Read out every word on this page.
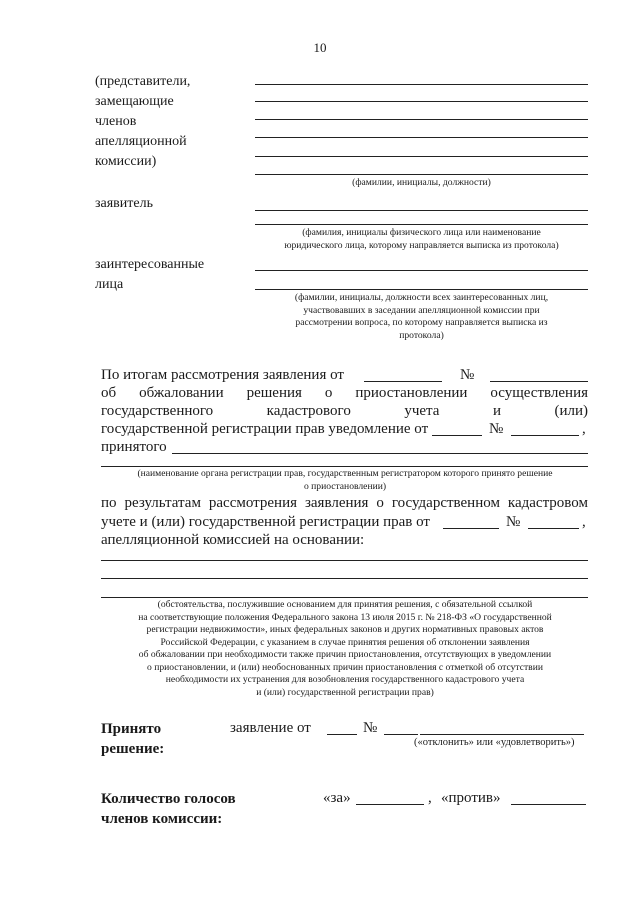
10
(представители,
замещающие
членов
апелляционной
комиссии)
(фамилии, инициалы, должности)
заявитель
(фамилия, инициалы физического лица или наименование
юридического лица, которому направляется выписка из протокола)
заинтересованные
лица
(фамилии, инициалы, должности всех заинтересованных лиц,
участвовавших в заседании апелляционной комиссии при
рассмотрении вопроса, по которому направляется выписка из
протокола)
По итогам рассмотрения заявления от	№
об обжаловании решения о приостановлении осуществления
государственного	кадастрового	учета	и	(или)
государственной регистрации прав уведомление от	№	,
принятого
(наименование органа регистрации прав, государственным регистратором которого принято решение
о приостановлении)
по результатам рассмотрения заявления о государственном кадастровом
учете и (или) государственной регистрации прав от	№	,
апелляционной комиссией на основании:
(обстоятельства, послужившие основанием для принятия решения, с обязательной ссылкой
на соответствующие положения Федерального закона 13 июля 2015 г. № 218-ФЗ «О государственной
регистрации недвижимости», иных федеральных законов и других нормативных правовых актов
Российской Федерации, с указанием в случае принятия решения об отклонении заявления
об обжаловании при необходимости также причин приостановления, отсутствующих в уведомлении
о приостановлении, и (или) необоснованных причин приостановления с отметкой об отсутствии
необходимости их устранения для возобновления государственного кадастрового учета
и (или) государственной регистрации прав)
Принято
решение:
заявление от	№
(«отклонить» или «удовлетворить»)
Количество голосов
членов комиссии:
«за»	, «против»
